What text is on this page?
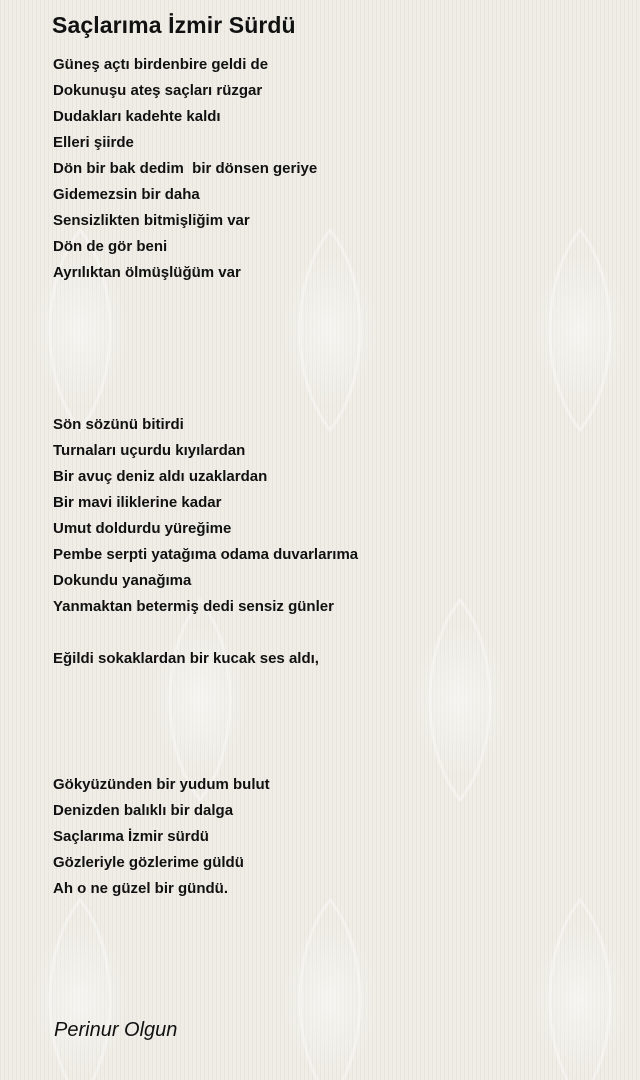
Saçlarıma İzmir Sürdü
Güneş açtı birdenbire geldi de
Dokunuşu ateş saçları rüzgar
Dudakları kadehte kaldı
Elleri şiirde
Dön bir bak dedim  bir dönsen geriye
Gidemezsin bir daha
Sensizlikten bitmişliğim var
Dön de gör beni
Ayrılıktan ölmüşlüğüm var
Sön sözünü bitirdi
Turnaları uçurdu kıyılardan
Bir avuç deniz aldı uzaklardan
Bir mavi iliklerine kadar
Umut doldurdu yüreğime
Pembe serpti yatağıma odama duvarlarıma
Dokundu yanağıma
Yanmaktan betermiş dedi sensiz günler
Eğildi sokaklardan bir kucak ses aldı,
Gökyüzünden bir yudum bulut
Denizden balıklı bir dalga
Saçlarıma İzmir sürdü
Gözleriyle gözlerime güldü
Ah o ne güzel bir gündü.
Perinur Olgun
